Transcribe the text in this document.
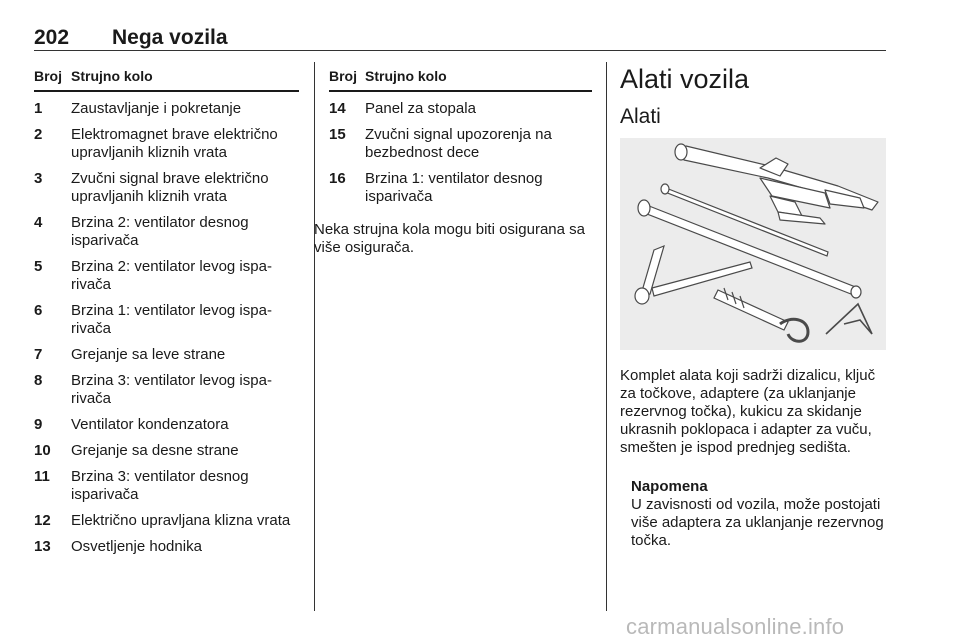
202 Nega vozila
Broj	Strujno kolo
1	Zaustavljanje i pokretanje
2	Elektromagnet brave električno upravljanih kliznih vrata
3	Zvučni signal brave električno upravljanih kliznih vrata
4	Brzina 2: ventilator desnog isparivača
5	Brzina 2: ventilator levog ispa‐rivača
6	Brzina 1: ventilator levog ispa‐rivača
7	Grejanje sa leve strane
8	Brzina 3: ventilator levog ispa‐rivača
9	Ventilator kondenzatora
10	Grejanje sa desne strane
11	Brzina 3: ventilator desnog isparivača
12	Električno upravljana klizna vrata
13	Osvetljenje hodnika
Broj	Strujno kolo
14	Panel za stopala
15	Zvučni signal upozorenja na bezbednost dece
16	Brzina 1: ventilator desnog isparivača
Neka strujna kola mogu biti osigurana sa više osigurača.
Alati vozila
Alati
Komplet alata koji sadrži dizalicu, ključ za točkove, adaptere (za uklanjanje rezervnog točka), kukicu za skidanje ukrasnih poklopaca i adapter za vuču, smešten je ispod prednjeg sedišta.
Napomena
U zavisnosti od vozila, može postojati više adaptera za uklanjanje rezervnog točka.
carmanualsonline.info
